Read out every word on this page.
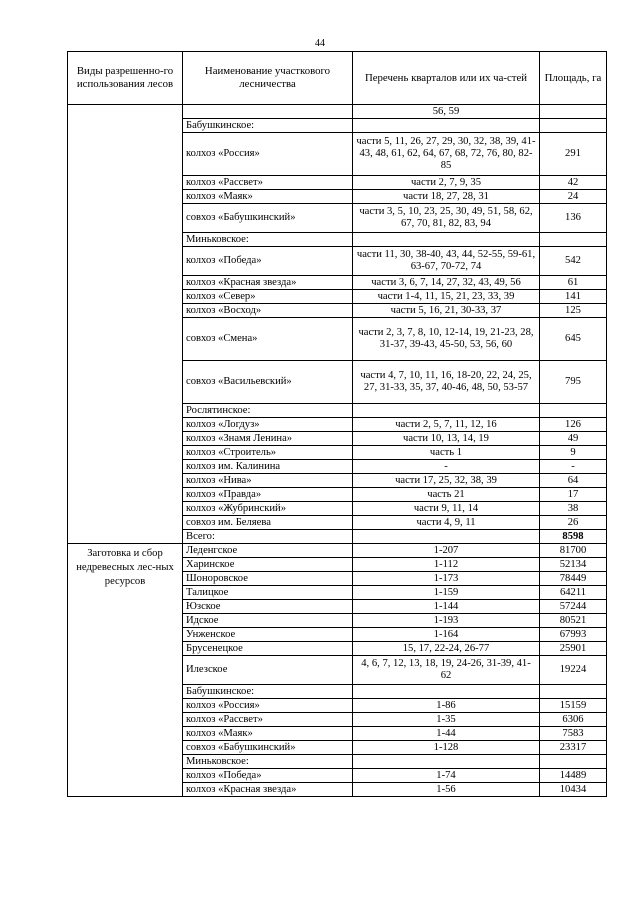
44
Виды разрешенно-го использования лесов	Наименование участкового лесничества	Перечень кварталов или их ча-стей	Площадь, га
		56, 59	
	Бабушкинское:		
	колхоз «Россия»	части 5, 11, 26, 27, 29, 30, 32, 38, 39, 41-43, 48, 61, 62, 64, 67, 68, 72, 76, 80, 82-85	291
	колхоз «Рассвет»	части 2, 7, 9, 35	42
	колхоз «Маяк»	части 18, 27, 28, 31	24
	совхоз «Бабушкинский»	части 3, 5, 10, 23, 25, 30, 49, 51, 58, 62, 67, 70, 81, 82, 83, 94	136
	Миньковское:		
	колхоз «Победа»	части 11, 30, 38-40, 43, 44, 52-55, 59-61, 63-67, 70-72, 74	542
	колхоз «Красная звезда»	части 3, 6, 7, 14, 27, 32, 43, 49, 56	61
	колхоз «Север»	части 1-4, 11, 15, 21, 23, 33, 39	141
	колхоз «Восход»	части 5, 16, 21, 30-33, 37	125
	совхоз «Смена»	части 2, 3, 7, 8, 10, 12-14, 19, 21-23, 28, 31-37, 39-43, 45-50, 53, 56, 60	645
	совхоз «Васильевский»	части 4, 7, 10, 11, 16, 18-20, 22, 24, 25, 27, 31-33, 35, 37, 40-46, 48, 50, 53-57	795
	Рослятинское:		
	колхоз «Логдуз»	части 2, 5, 7, 11, 12, 16	126
	колхоз «Знамя Ленина»	части 10, 13, 14, 19	49
	колхоз «Строитель»	часть 1	9
	колхоз им. Калинина	-	-
	колхоз «Нива»	части 17, 25, 32, 38, 39	64
	колхоз «Правда»	часть 21	17
	колхоз «Жубринский»	части 9, 11, 14	38
	совхоз им. Беляева	части 4, 9, 11	26
	Всего:		8598
Заготовка и сбор недревесных лес-ных ресурсов	Леденгское	1-207	81700
	Харинское	1-112	52134
	Шоноровское	1-173	78449
	Талицкое	1-159	64211
	Юзское	1-144	57244
	Идское	1-193	80521
	Унженское	1-164	67993
	Брусенецкое	15, 17, 22-24, 26-77	25901
	Илезское	4, 6, 7, 12, 13, 18, 19, 24-26, 31-39, 41-62	19224
	Бабушкинское:		
	колхоз «Россия»	1-86	15159
	колхоз «Рассвет»	1-35	6306
	колхоз «Маяк»	1-44	7583
	совхоз «Бабушкинский»	1-128	23317
	Миньковское:		
	колхоз «Победа»	1-74	14489
	колхоз «Красная звезда»	1-56	10434
